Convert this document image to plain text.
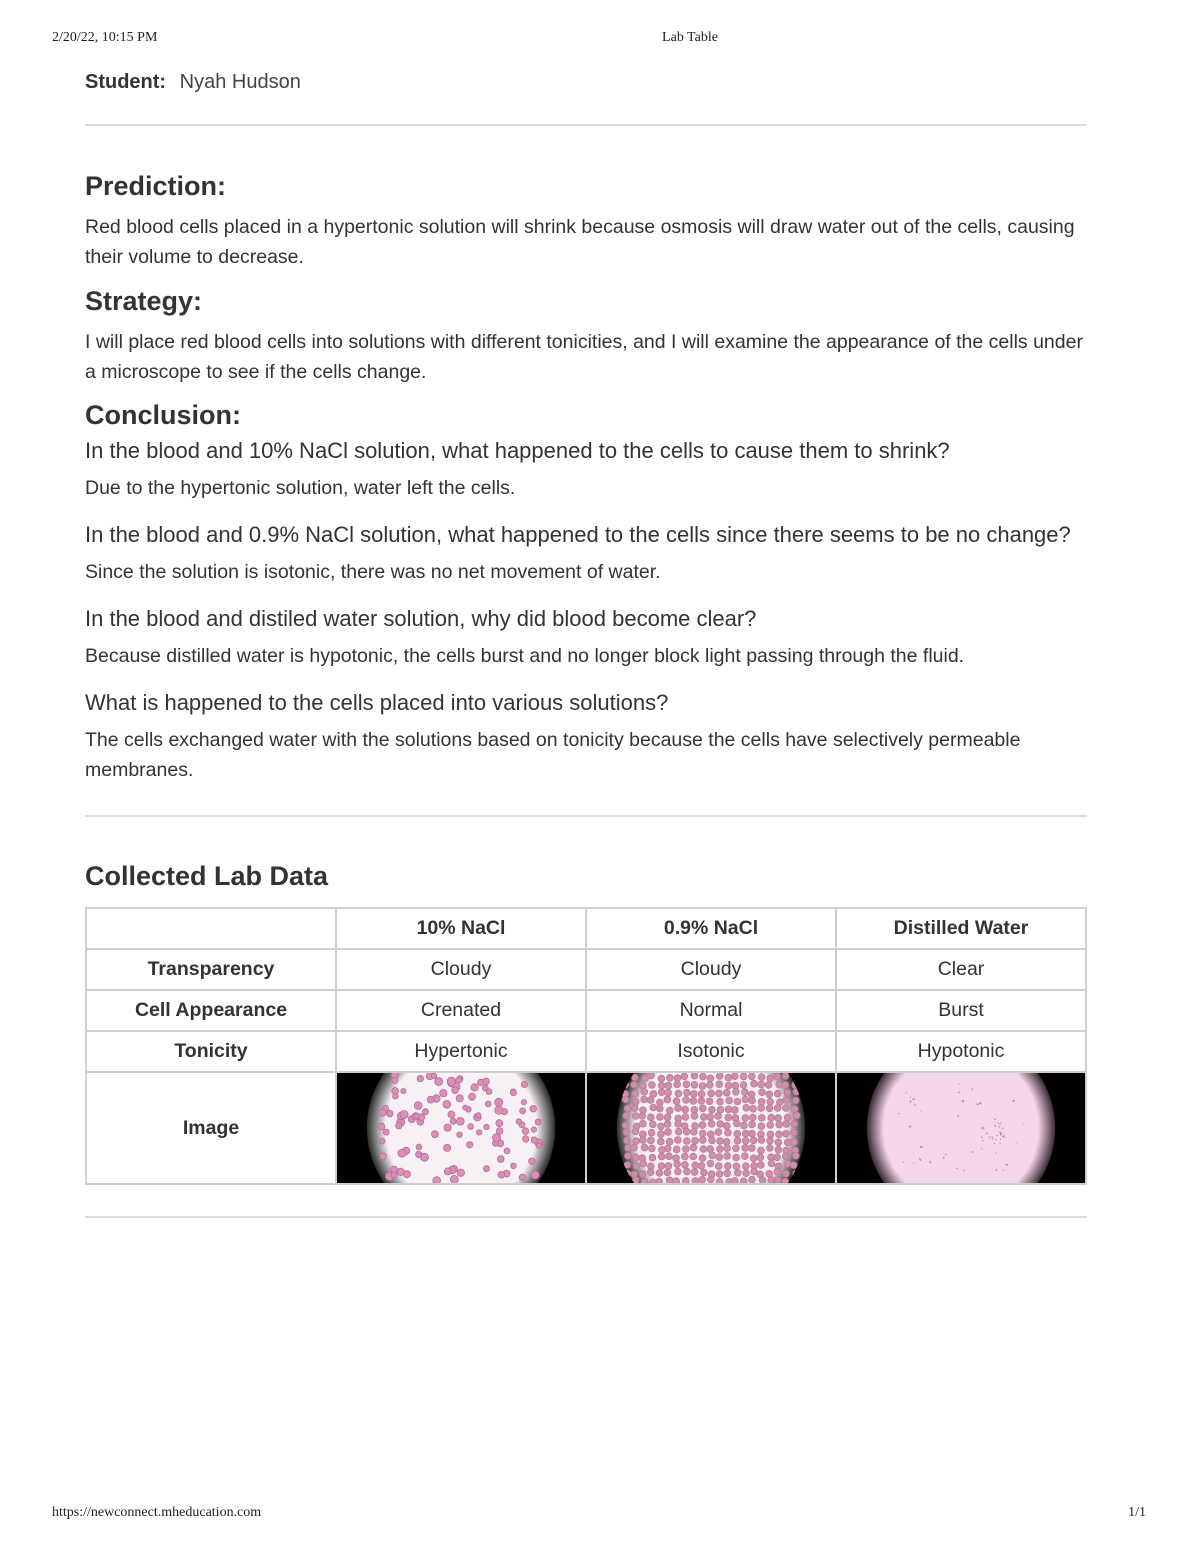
2/20/22, 10:15 PM	Lab Table

Student: Nyah Hudson

Prediction:

Red blood cells placed in a hypertonic solution will shrink because osmosis will draw water out of the cells, causing their volume to decrease.

Strategy:

I will place red blood cells into solutions with different tonicities, and I will examine the appearance of the cells under a microscope to see if the cells change.

Conclusion:

In the blood and 10% NaCl solution, what happened to the cells to cause them to shrink?

Due to the hypertonic solution, water left the cells.

In the blood and 0.9% NaCl solution, what happened to the cells since there seems to be no change?

Since the solution is isotonic, there was no net movement of water.

In the blood and distiled water solution, why did blood become clear?

Because distilled water is hypotonic, the cells burst and no longer block light passing through the fluid.

What is happened to the cells placed into various solutions?

The cells exchanged water with the solutions based on tonicity because the cells have selectively permeable membranes.

Collected Lab Data
	10% NaCl	0.9% NaCl	Distilled Water
Transparency	Cloudy	Cloudy	Clear
Cell Appearance	Crenated	Normal	Burst
Tonicity	Hypertonic	Isotonic	Hypotonic
Image	

https://newconnect.mheducation.com	1/1
